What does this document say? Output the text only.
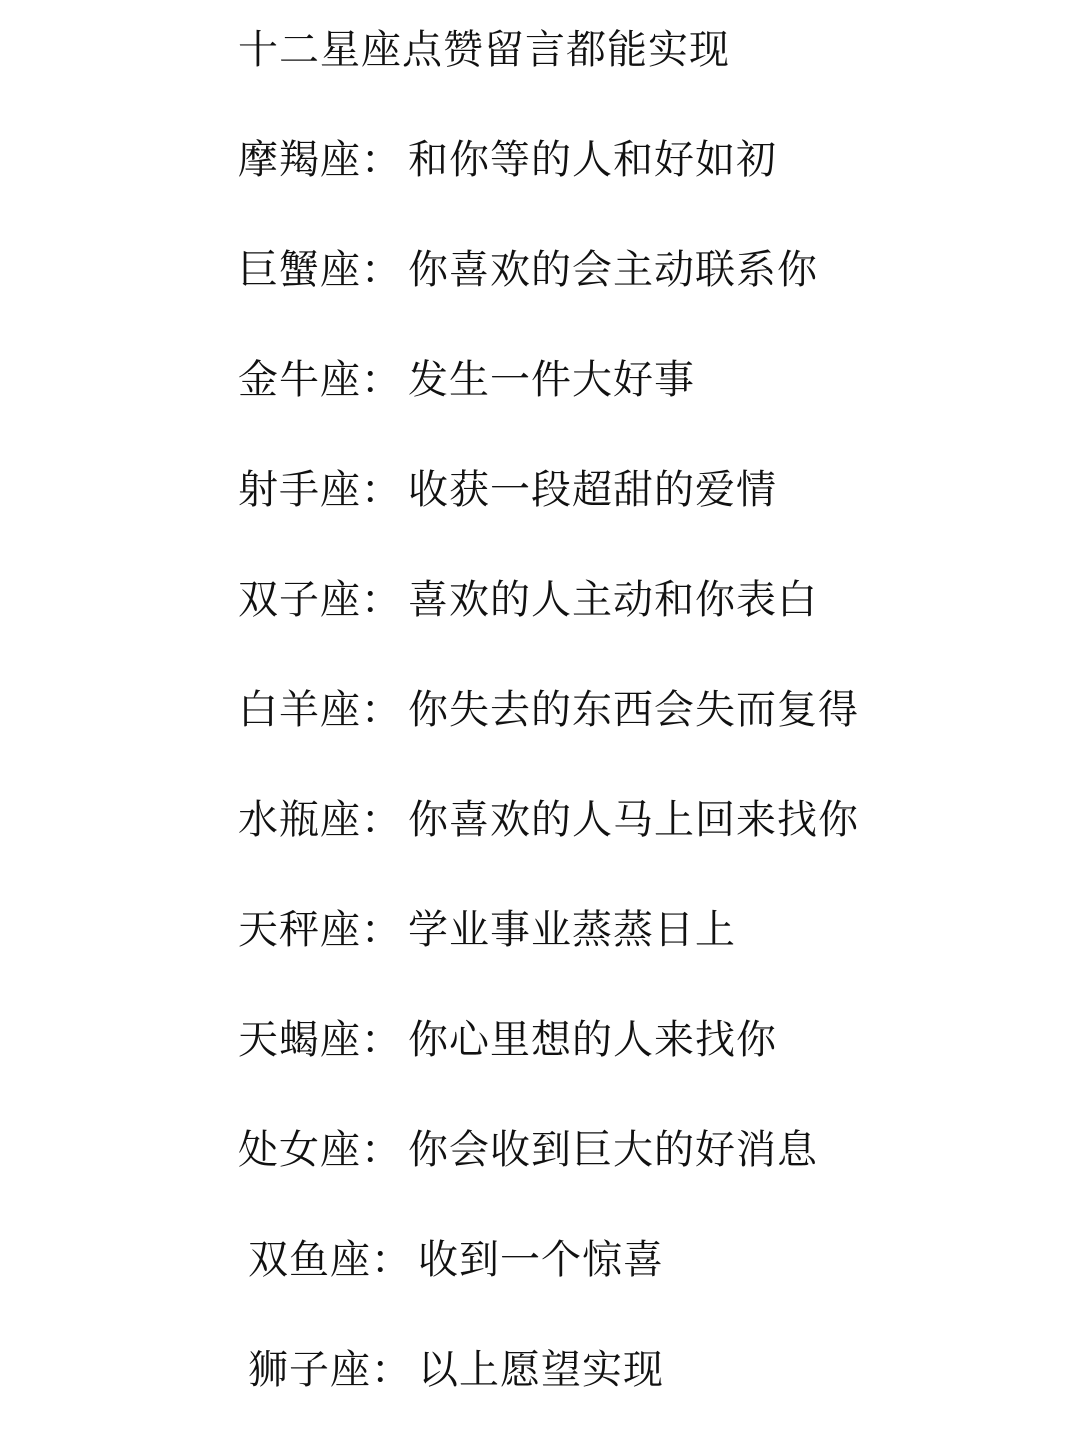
十二星座点赞留言都能实现
摩羯座： 和你等的人和好如初
巨蟹座： 你喜欢的会主动联系你
金牛座： 发生一件大好事
射手座： 收获一段超甜的爱情
双子座： 喜欢的人主动和你表白
白羊座： 你失去的东西会失而复得
水瓶座： 你喜欢的人马上回来找你
天秤座： 学业事业蒸蒸日上
天蝎座： 你心里想的人来找你
处女座： 你会收到巨大的好消息
双鱼座： 收到一个惊喜
狮子座： 以上愿望实现
